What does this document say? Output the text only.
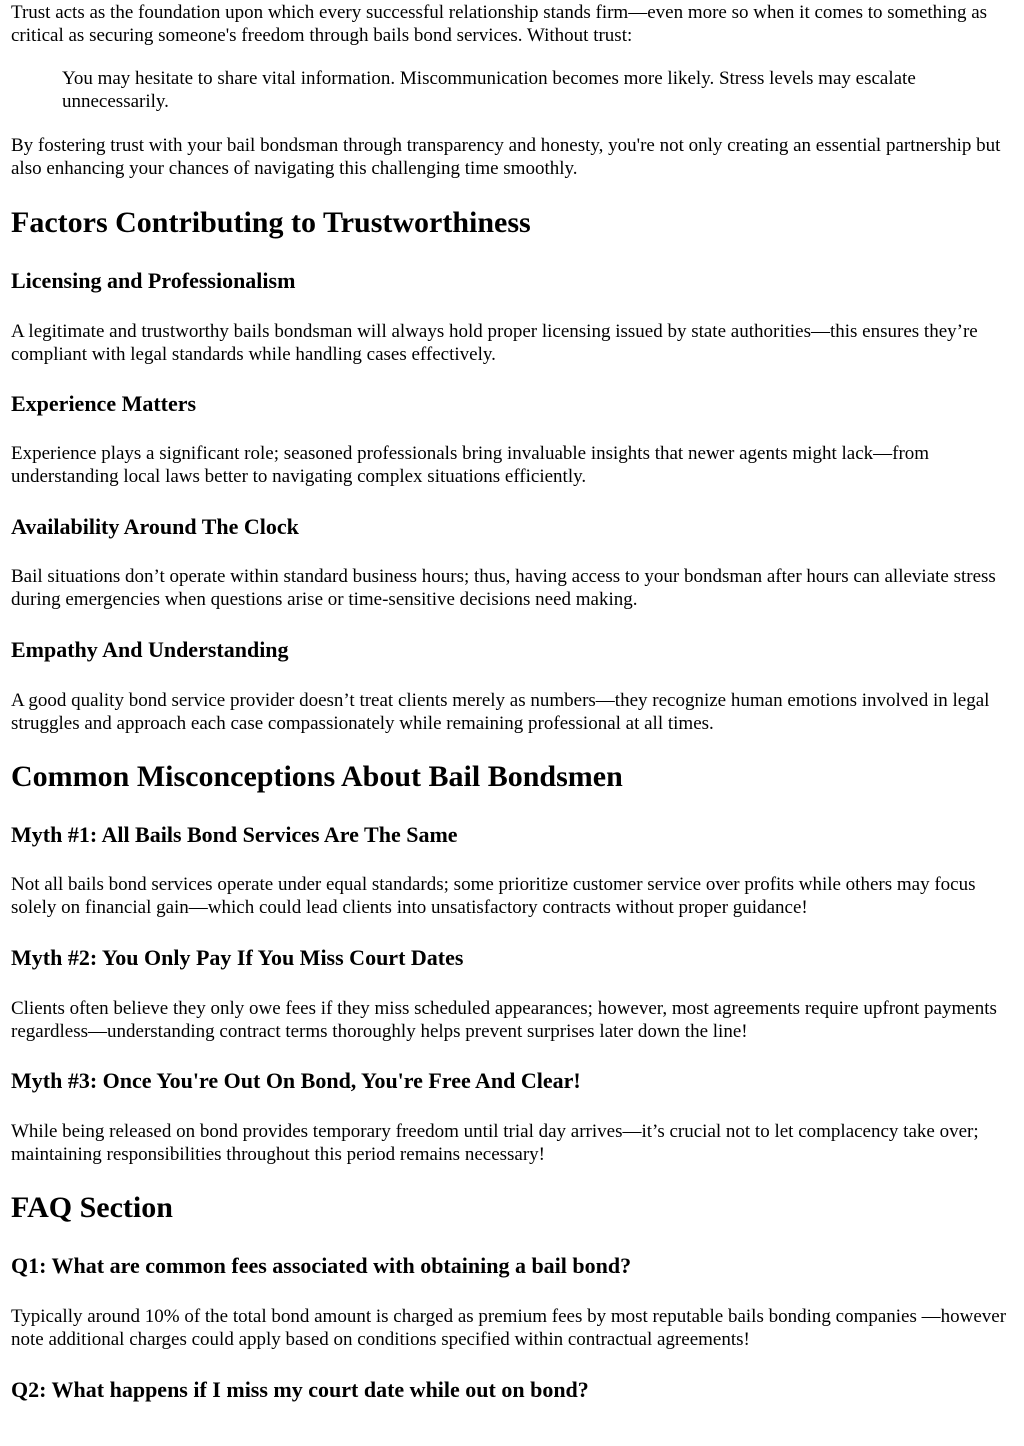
Trust acts as the foundation upon which every successful relationship stands firm—even more so when it comes to something as critical as securing someone's freedom through bails bond services. Without trust:

You may hesitate to share vital information. Miscommunication becomes more likely. Stress levels may escalate unnecessarily.

By fostering trust with your bail bondsman through transparency and honesty, you're not only creating an essential partnership but also enhancing your chances of navigating this challenging time smoothly.

Factors Contributing to Trustworthiness
Licensing and Professionalism

A legitimate and trustworthy bails bondsman will always hold proper licensing issued by state authorities—this ensures they’re compliant with legal standards while handling cases effectively.

Experience Matters

Experience plays a significant role; seasoned professionals bring invaluable insights that newer agents might lack—from understanding local laws better to navigating complex situations efficiently.

Availability Around The Clock

Bail situations don’t operate within standard business hours; thus, having access to your bondsman after hours can alleviate stress during emergencies when questions arise or time-sensitive decisions need making.

Empathy And Understanding

A good quality bond service provider doesn’t treat clients merely as numbers—they recognize human emotions involved in legal struggles and approach each case compassionately while remaining professional at all times.

Common Misconceptions About Bail Bondsmen
Myth #1: All Bails Bond Services Are The Same

Not all bails bond services operate under equal standards; some prioritize customer service over profits while others may focus solely on financial gain—which could lead clients into unsatisfactory contracts without proper guidance!

Myth #2: You Only Pay If You Miss Court Dates

Clients often believe they only owe fees if they miss scheduled appearances; however, most agreements require upfront payments regardless—understanding contract terms thoroughly helps prevent surprises later down the line!

Myth #3: Once You're Out On Bond, You're Free And Clear!

While being released on bond provides temporary freedom until trial day arrives—it’s crucial not to let complacency take over; maintaining responsibilities throughout this period remains necessary!

FAQ Section
Q1: What are common fees associated with obtaining a bail bond?

Typically around 10% of the total bond amount is charged as premium fees by most reputable bails bonding companies —however note additional charges could apply based on conditions specified within contractual agreements!

Q2: What happens if I miss my court date while out on bond?
